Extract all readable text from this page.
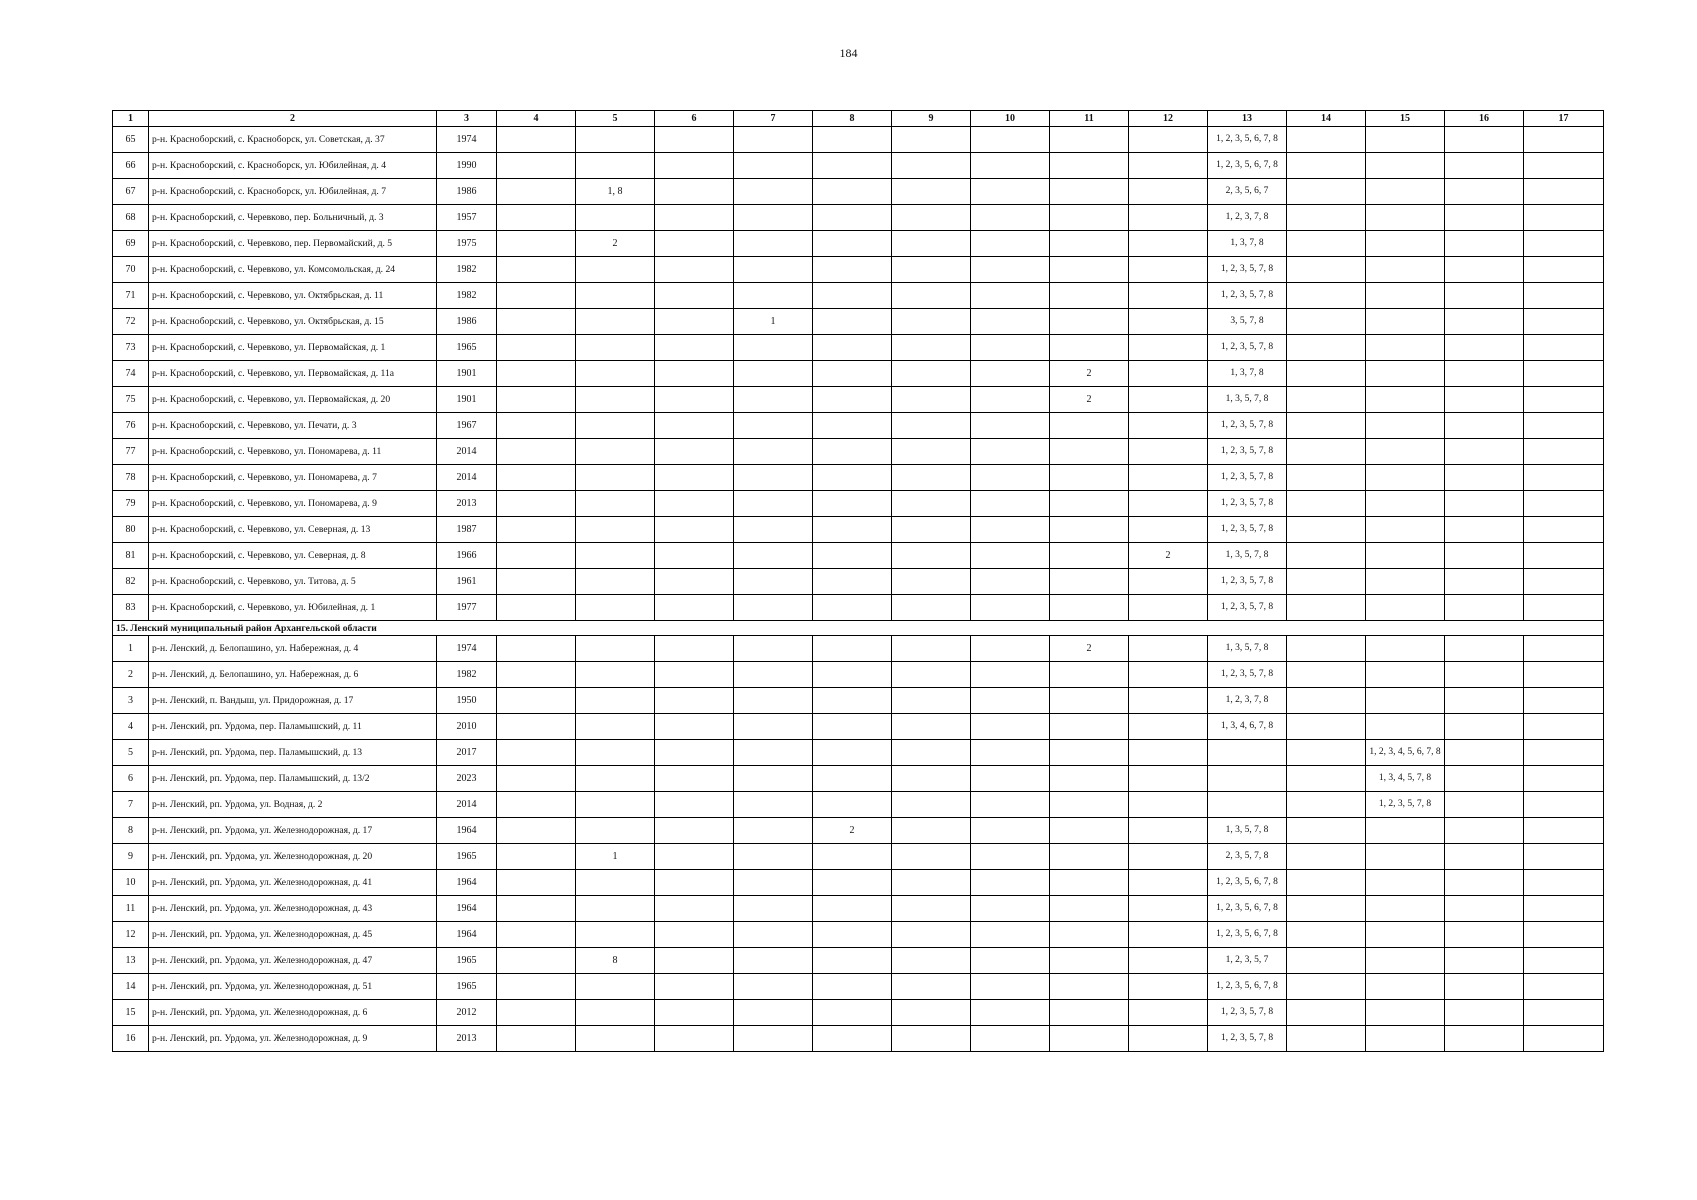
184
1	2	3	4	5	6	7	8	9	10	11	12	13	14	15	16	17
65	р-н. Красноборский, с. Красноборск, ул. Советская, д. 37	1974										1, 2, 3, 5, 6, 7, 8				
66	р-н. Красноборский, с. Красноборск, ул. Юбилейная, д. 4	1990										1, 2, 3, 5, 6, 7, 8				
67	р-н. Красноборский, с. Красноборск, ул. Юбилейная, д. 7	1986		1, 8								2, 3, 5, 6, 7				
68	р-н. Красноборский, с. Черевково, пер. Больничный, д. 3	1957										1, 2, 3, 7, 8				
69	р-н. Красноборский, с. Черевково, пер. Первомайский, д. 5	1975		2								1, 3, 7, 8				
70	р-н. Красноборский, с. Черевково, ул. Комсомольская, д. 24	1982										1, 2, 3, 5, 7, 8				
71	р-н. Красноборский, с. Черевково, ул. Октябрьская, д. 11	1982										1, 2, 3, 5, 7, 8				
72	р-н. Красноборский, с. Черевково, ул. Октябрьская, д. 15	1986				1						3, 5, 7, 8				
73	р-н. Красноборский, с. Черевково, ул. Первомайская, д. 1	1965										1, 2, 3, 5, 7, 8				
74	р-н. Красноборский, с. Черевково, ул. Первомайская, д. 11а	1901								2		1, 3, 7, 8				
75	р-н. Красноборский, с. Черевково, ул. Первомайская, д. 20	1901								2		1, 3, 5, 7, 8				
76	р-н. Красноборский, с. Черевково, ул. Печати, д. 3	1967										1, 2, 3, 5, 7, 8				
77	р-н. Красноборский, с. Черевково, ул. Пономарева, д. 11	2014										1, 2, 3, 5, 7, 8				
78	р-н. Красноборский, с. Черевково, ул. Пономарева, д. 7	2014										1, 2, 3, 5, 7, 8				
79	р-н. Красноборский, с. Черевково, ул. Пономарева, д. 9	2013										1, 2, 3, 5, 7, 8				
80	р-н. Красноборский, с. Черевково, ул. Северная, д. 13	1987										1, 2, 3, 5, 7, 8				
81	р-н. Красноборский, с. Черевково, ул. Северная, д. 8	1966									2	1, 3, 5, 7, 8				
82	р-н. Красноборский, с. Черевково, ул. Титова, д. 5	1961										1, 2, 3, 5, 7, 8				
83	р-н. Красноборский, с. Черевково, ул. Юбилейная, д. 1	1977										1, 2, 3, 5, 7, 8				
15. Ленский муниципальный район Архангельской области																
1	р-н. Ленский, д. Белопашино, ул. Набережная, д. 4	1974								2		1, 3, 5, 7, 8				
2	р-н. Ленский, д. Белопашино, ул. Набережная, д. 6	1982										1, 2, 3, 5, 7, 8				
3	р-н. Ленский, п. Вандыш, ул. Придорожная, д. 17	1950										1, 2, 3, 7, 8				
4	р-н. Ленский, рп. Урдома, пер. Паламышский, д. 11	2010										1, 3, 4, 6, 7, 8				
5	р-н. Ленский, рп. Урдома, пер. Паламышский, д. 13	2017												1, 2, 3, 4, 5, 6, 7, 8		
6	р-н. Ленский, рп. Урдома, пер. Паламышский, д. 13/2	2023												1, 3, 4, 5, 7, 8		
7	р-н. Ленский, рп. Урдома, ул. Водная, д. 2	2014												1, 2, 3, 5, 7, 8		
8	р-н. Ленский, рп. Урдома, ул. Железнодорожная, д. 17	1964					2					1, 3, 5, 7, 8				
9	р-н. Ленский, рп. Урдома, ул. Железнодорожная, д. 20	1965		1								2, 3, 5, 7, 8				
10	р-н. Ленский, рп. Урдома, ул. Железнодорожная, д. 41	1964										1, 2, 3, 5, 6, 7, 8				
11	р-н. Ленский, рп. Урдома, ул. Железнодорожная, д. 43	1964										1, 2, 3, 5, 6, 7, 8				
12	р-н. Ленский, рп. Урдома, ул. Железнодорожная, д. 45	1964										1, 2, 3, 5, 6, 7, 8				
13	р-н. Ленский, рп. Урдома, ул. Железнодорожная, д. 47	1965		8								1, 2, 3, 5, 7				
14	р-н. Ленский, рп. Урдома, ул. Железнодорожная, д. 51	1965										1, 2, 3, 5, 6, 7, 8				
15	р-н. Ленский, рп. Урдома, ул. Железнодорожная, д. 6	2012										1, 2, 3, 5, 7, 8				
16	р-н. Ленский, рп. Урдома, ул. Железнодорожная, д. 9	2013										1, 2, 3, 5, 7, 8				
